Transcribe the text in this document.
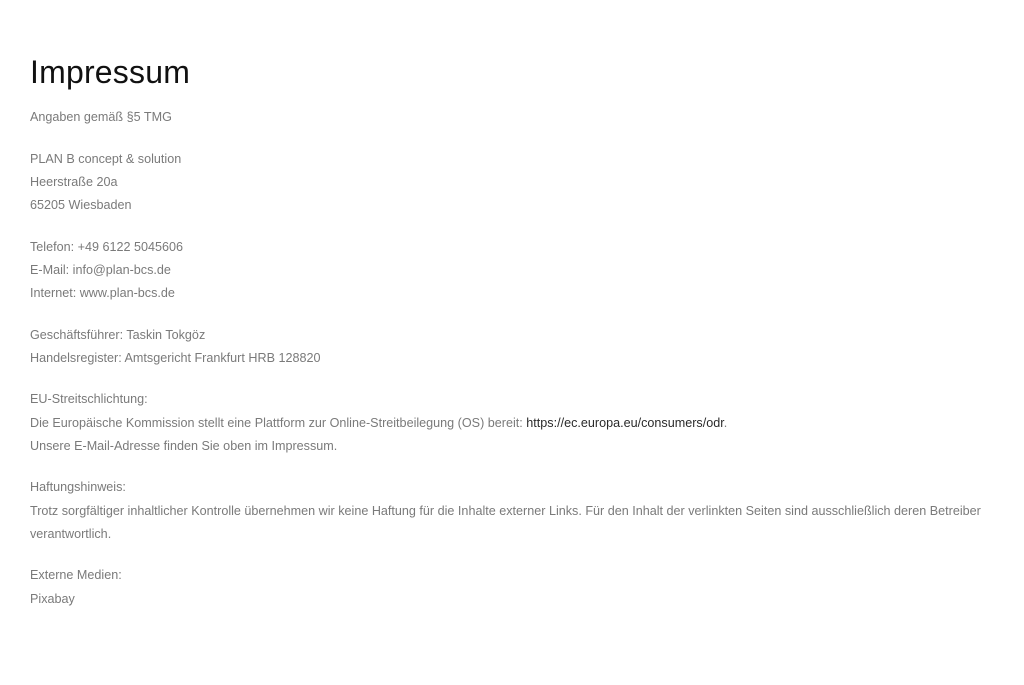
Impressum

Angaben gemäß §5 TMG

PLAN B concept & solution
Heerstraße 20a
65205 Wiesbaden

Telefon: +49 6122 5045606
E-Mail: info@plan-bcs.de
Internet: www.plan-bcs.de

Geschäftsführer: Taskin Tokgöz
Handelsregister: Amtsgericht Frankfurt HRB 128820

EU-Streitschlichtung:
Die Europäische Kommission stellt eine Plattform zur Online-Streitbeilegung (OS) bereit: https://ec.europa.eu/consumers/odr.
Unsere E-Mail-Adresse finden Sie oben im Impressum.

Haftungshinweis:
Trotz sorgfältiger inhaltlicher Kontrolle übernehmen wir keine Haftung für die Inhalte externer Links. Für den Inhalt der verlinkten Seiten sind ausschließlich deren Betreiber verantwortlich.

Externe Medien:
Pixabay
